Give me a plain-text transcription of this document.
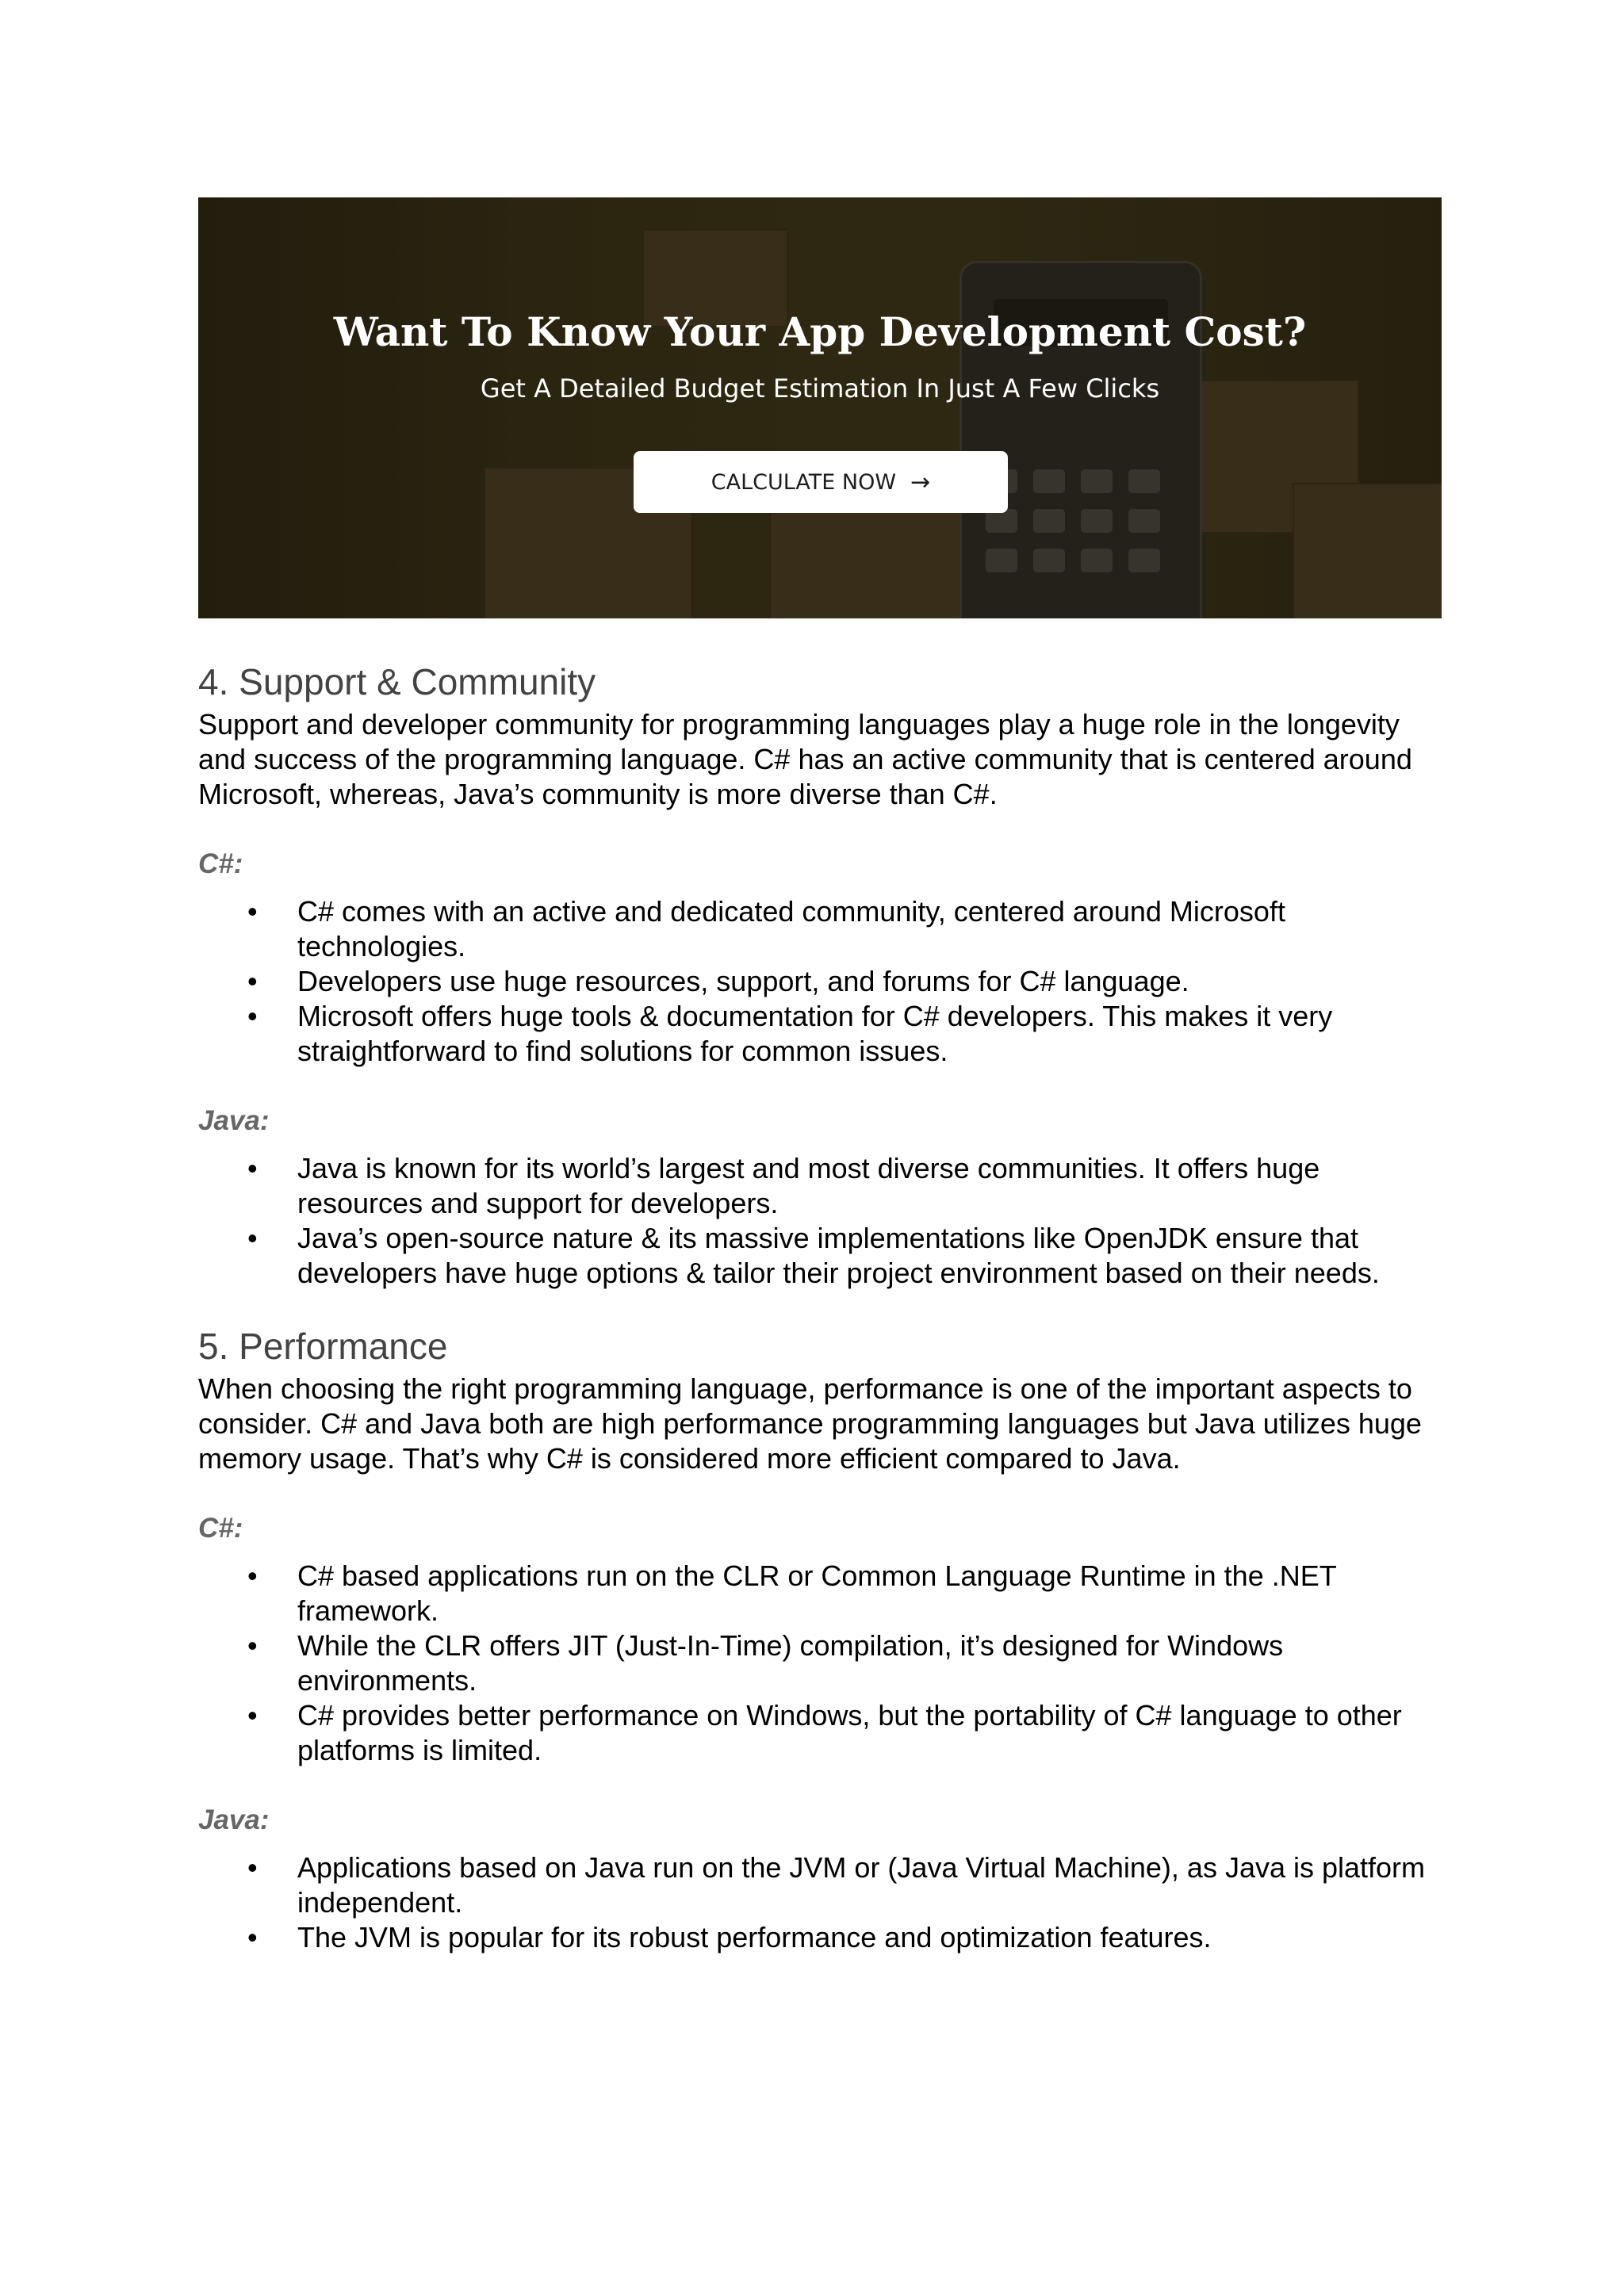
Want To Know Your App Development Cost?
Get A Detailed Budget Estimation In Just A Few Clicks
CALCULATE NOW →
4. Support & Community

Support and developer community for programming languages play a huge role in the longevity and success of the programming language. C# has an active community that is centered around Microsoft, whereas, Java’s community is more diverse than C#.

C#:

• C# comes with an active and dedicated community, centered around Microsoft technologies.
• Developers use huge resources, support, and forums for C# language.
• Microsoft offers huge tools & documentation for C# developers. This makes it very straightforward to find solutions for common issues.

Java:

• Java is known for its world’s largest and most diverse communities. It offers huge resources and support for developers.
• Java’s open-source nature & its massive implementations like OpenJDK ensure that developers have huge options & tailor their project environment based on their needs.
5. Performance

When choosing the right programming language, performance is one of the important aspects to consider. C# and Java both are high performance programming languages but Java utilizes huge memory usage. That’s why C# is considered more efficient compared to Java.

C#:

• C# based applications run on the CLR or Common Language Runtime in the .NET framework.
• While the CLR offers JIT (Just-In-Time) compilation, it’s designed for Windows environments.
• C# provides better performance on Windows, but the portability of C# language to other platforms is limited.

Java:

• Applications based on Java run on the JVM or (Java Virtual Machine), as Java is platform independent.
• The JVM is popular for its robust performance and optimization features.
